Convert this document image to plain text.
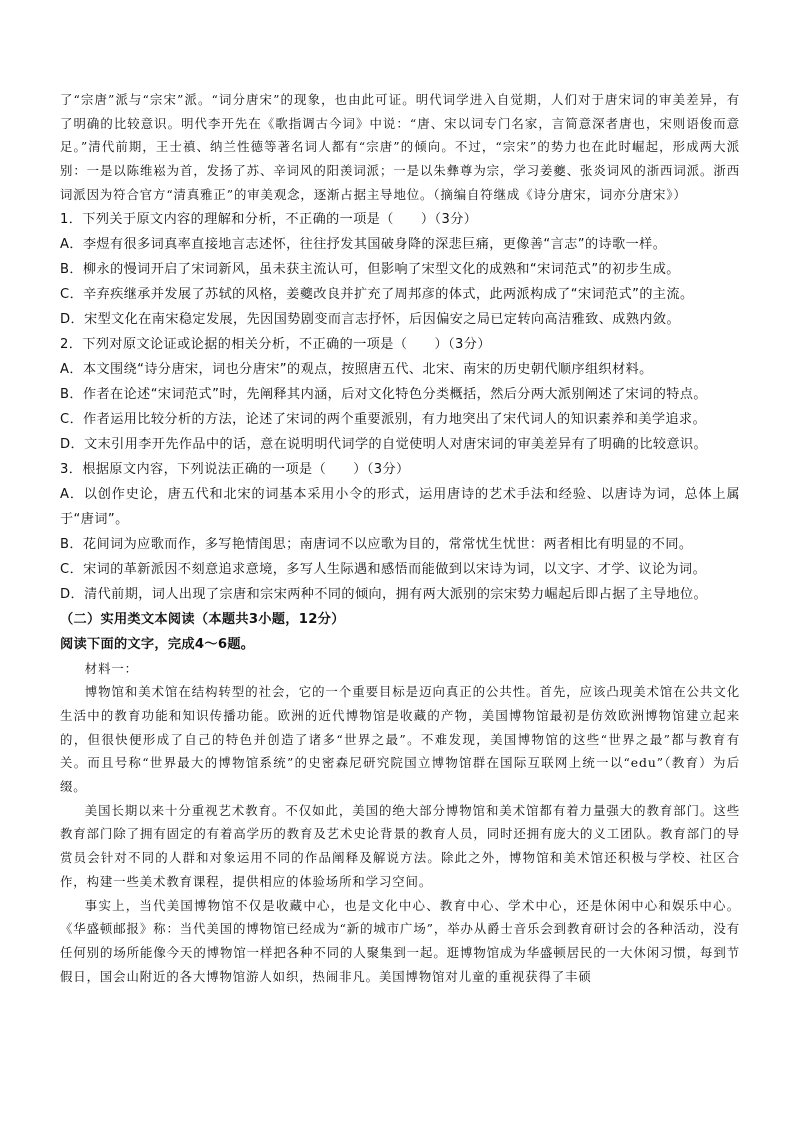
了“宗唐”派与“宗宋”派。“词分唐宋”的现象，也由此可证。明代词学进入自觉期，人们对于唐宋词的审美差异，有了明确的比较意识。明代李开先在《歌指调古今词》中说：“唐、宋以词专门名家，言简意深者唐也，宋则语俊而意足。”清代前期，王士禛、纳兰性德等著名词人都有“宗唐”的倾向。不过，“宗宋”的势力也在此时崛起，形成两大派别：一是以陈维崧为首，发扬了苏、辛词风的阳羡词派；一是以朱彝尊为宗，学习姜夔、张炎词风的浙西词派。浙西词派因为符合官方“清真雅正”的审美观念，逐渐占据主导地位。（摘编自符继成《诗分唐宋，词亦分唐宋》）

1．下列关于原文内容的理解和分析，不正确的一项是（　　）（3分）

A．李煜有很多词真率直接地言志述怀，往往抒发其国破身降的深悲巨痛，更像善“言志”的诗歌一样。

B．柳永的慢词开启了宋词新风，虽未获主流认可，但影响了宋型文化的成熟和“宋词范式”的初步生成。

C．辛弃疾继承并发展了苏轼的风格，姜夔改良并扩充了周邦彦的体式，此两派构成了“宋词范式”的主流。

D．宋型文化在南宋稳定发展，先因国势剧变而言志抒怀，后因偏安之局已定转向高洁雅致、成熟内敛。

2．下列对原文论证或论据的相关分析，不正确的一项是（　　）（3分）

A．本文围绕“诗分唐宋，词也分唐宋”的观点，按照唐五代、北宋、南宋的历史朝代顺序组织材料。

B．作者在论述“宋词范式”时，先阐释其内涵，后对文化特色分类概括，然后分两大派别阐述了宋词的特点。

C．作者运用比较分析的方法，论述了宋词的两个重要派别，有力地突出了宋代词人的知识素养和美学追求。

D．文末引用李开先作品中的话，意在说明明代词学的自觉使明人对唐宋词的审美差异有了明确的比较意识。

3．根据原文内容，下列说法正确的一项是（　　）（3分）

A．以创作史论，唐五代和北宋的词基本采用小令的形式，运用唐诗的艺术手法和经验、以唐诗为词，总体上属于“唐词”。

B．花间词为应歌而作，多写艳情闺思；南唐词不以应歌为目的，常常忧生忧世：两者相比有明显的不同。

C．宋词的革新派因不刻意追求意境，多写人生际遇和感悟而能做到以宋诗为词，以文字、才学、议论为词。

D．清代前期，词人出现了宗唐和宗宋两种不同的倾向，拥有两大派别的宗宋势力崛起后即占据了主导地位。

（二）实用类文本阅读（本题共3小题，12分）

阅读下面的文字，完成4～6题。

材料一：

博物馆和美术馆在结构转型的社会，它的一个重要目标是迈向真正的公共性。首先，应该凸现美术馆在公共文化生活中的教育功能和知识传播功能。欧洲的近代博物馆是收藏的产物，美国博物馆最初是仿效欧洲博物馆建立起来的，但很快便形成了自己的特色并创造了诸多“世界之最”。不难发现，美国博物馆的这些“世界之最”都与教育有关。而且号称“世界最大的博物馆系统”的史密森尼研究院国立博物馆群在国际互联网上统一以“edu”（教育）为后缀。

美国长期以来十分重视艺术教育。不仅如此，美国的绝大部分博物馆和美术馆都有着力量强大的教育部门。这些教育部门除了拥有固定的有着高学历的教育及艺术史论背景的教育人员，同时还拥有庞大的义工团队。教育部门的导赏员会针对不同的人群和对象运用不同的作品阐释及解说方法。除此之外，博物馆和美术馆还积极与学校、社区合作，构建一些美术教育课程，提供相应的体验场所和学习空间。

事实上，当代美国博物馆不仅是收藏中心，也是文化中心、教育中心、学术中心，还是休闲中心和娱乐中心。《华盛顿邮报》称：当代美国的博物馆已经成为“新的城市广场”，举办从爵士音乐会到教育研讨会的各种活动，没有任何别的场所能像今天的博物馆一样把各种不同的人聚集到一起。逛博物馆成为华盛顿居民的一大休闲习惯，每到节假日，国会山附近的各大博物馆游人如织，热闹非凡。美国博物馆对儿童的重视获得了丰硕
